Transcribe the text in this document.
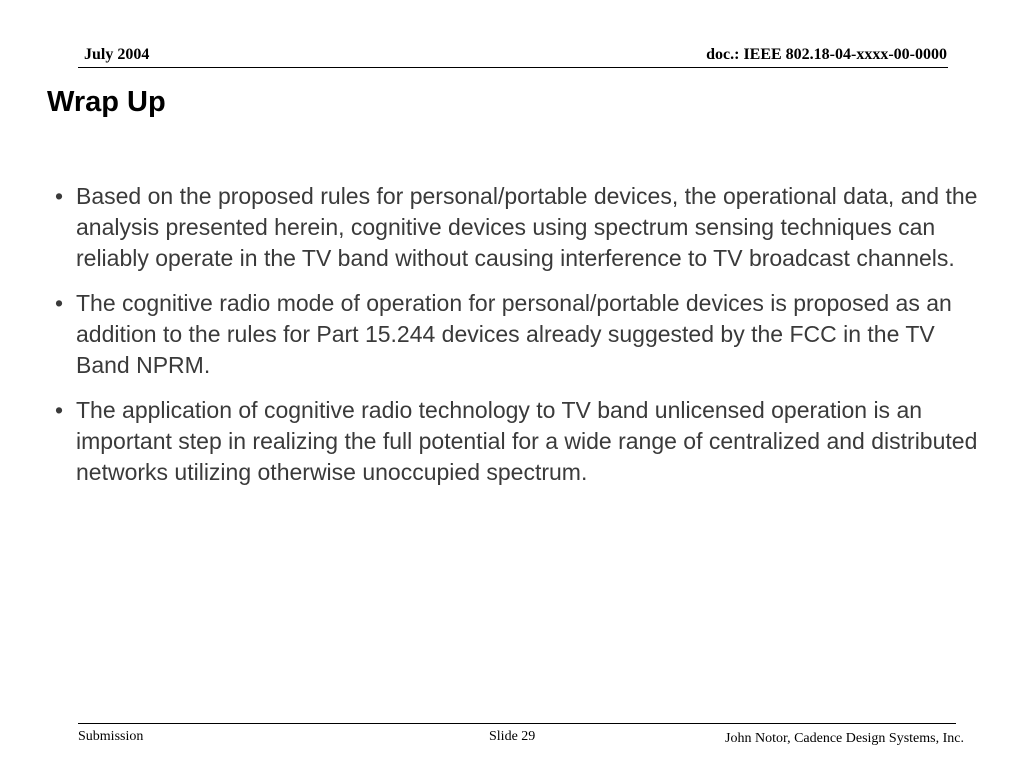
July 2004	doc.: IEEE 802.18-04-xxxx-00-0000
Wrap Up
• Based on the proposed rules for personal/portable devices, the operational data, and the analysis presented herein, cognitive devices using spectrum sensing techniques can reliably operate in the TV band without causing interference to TV broadcast channels.
• The cognitive radio mode of operation for personal/portable devices is proposed as an addition to the rules for Part 15.244 devices already suggested by the FCC in the TV Band NPRM.
• The application of cognitive radio technology to TV band unlicensed operation is an important step in realizing the full potential for a wide range of centralized and distributed networks utilizing otherwise unoccupied spectrum.
Submission	Slide 29	John Notor, Cadence Design Systems, Inc.
